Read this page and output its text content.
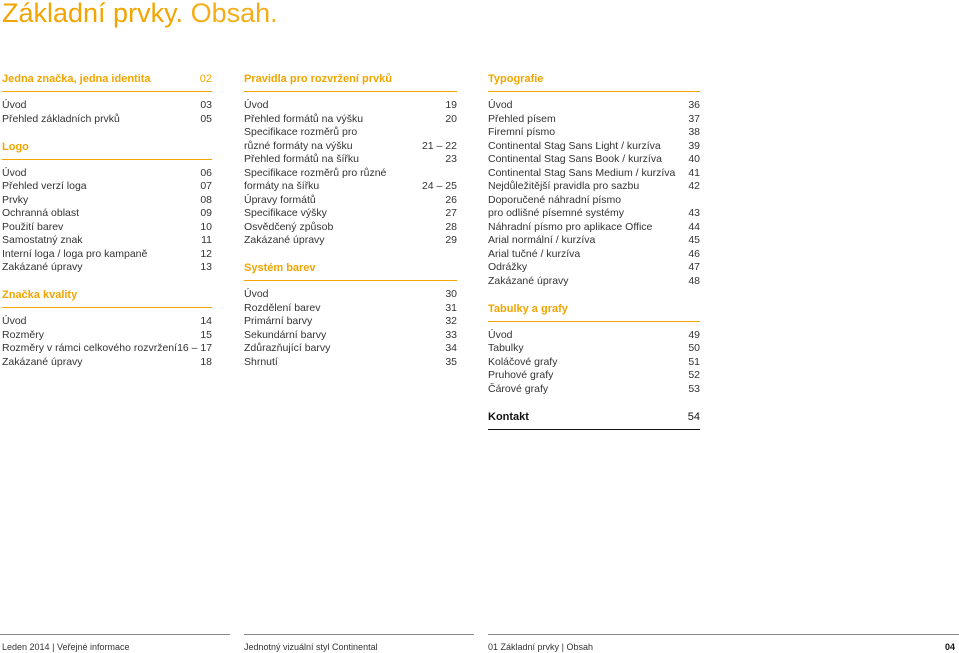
Základní prvky. Obsah.
Jedna značka, jedna identita	02
Úvod	03
Přehled základních prvků	05
Logo
Úvod	06
Přehled verzí loga	07
Prvky	08
Ochranná oblast	09
Použití barev	10
Samostatný znak	11
Interní loga / loga pro kampaně	12
Zakázané úpravy	13
Značka kvality
Úvod	14
Rozměry	15
Rozměry v rámci celkového rozvržení 16 – 17
Zakázané úpravy	18
Pravidla pro rozvržení prvků
Úvod	19
Přehled formátů na výšku	20
Specifikace rozměrů pro
různé formáty na výšku	21 – 22
Přehled formátů na šířku	23
Specifikace rozměrů pro různé
formáty na šířku	24 – 25
Úpravy formátů	26
Specifikace výšky	27
Osvědčený způsob	28
Zakázané úpravy	29
Systém barev
Úvod	30
Rozdělení barev	31
Primární barvy	32
Sekundární barvy	33
Zdůrazňující barvy	34
Shrnutí	35
Typografie
Úvod	36
Přehled písem	37
Firemní písmo	38
Continental Stag Sans Light / kurzíva	39
Continental Stag Sans Book / kurzíva	40
Continental Stag Sans Medium / kurzíva 41
Nejdůležitější pravidla pro sazbu	42
Doporučené náhradní písmo
pro odlišné písemné systémy	43
Náhradní písmo pro aplikace Office	44
Arial normální / kurzíva	45
Arial tučné / kurzíva	46
Odrážky	47
Zakázané úpravy	48
Tabulky a grafy
Úvod	49
Tabulky	50
Koláčové grafy	51
Pruhové grafy	52
Čárové grafy	53
Kontakt	54
Leden 2014 | Veřejné informace	Jednotný vizuální styl Continental	01 Základní prvky | Obsah	04
